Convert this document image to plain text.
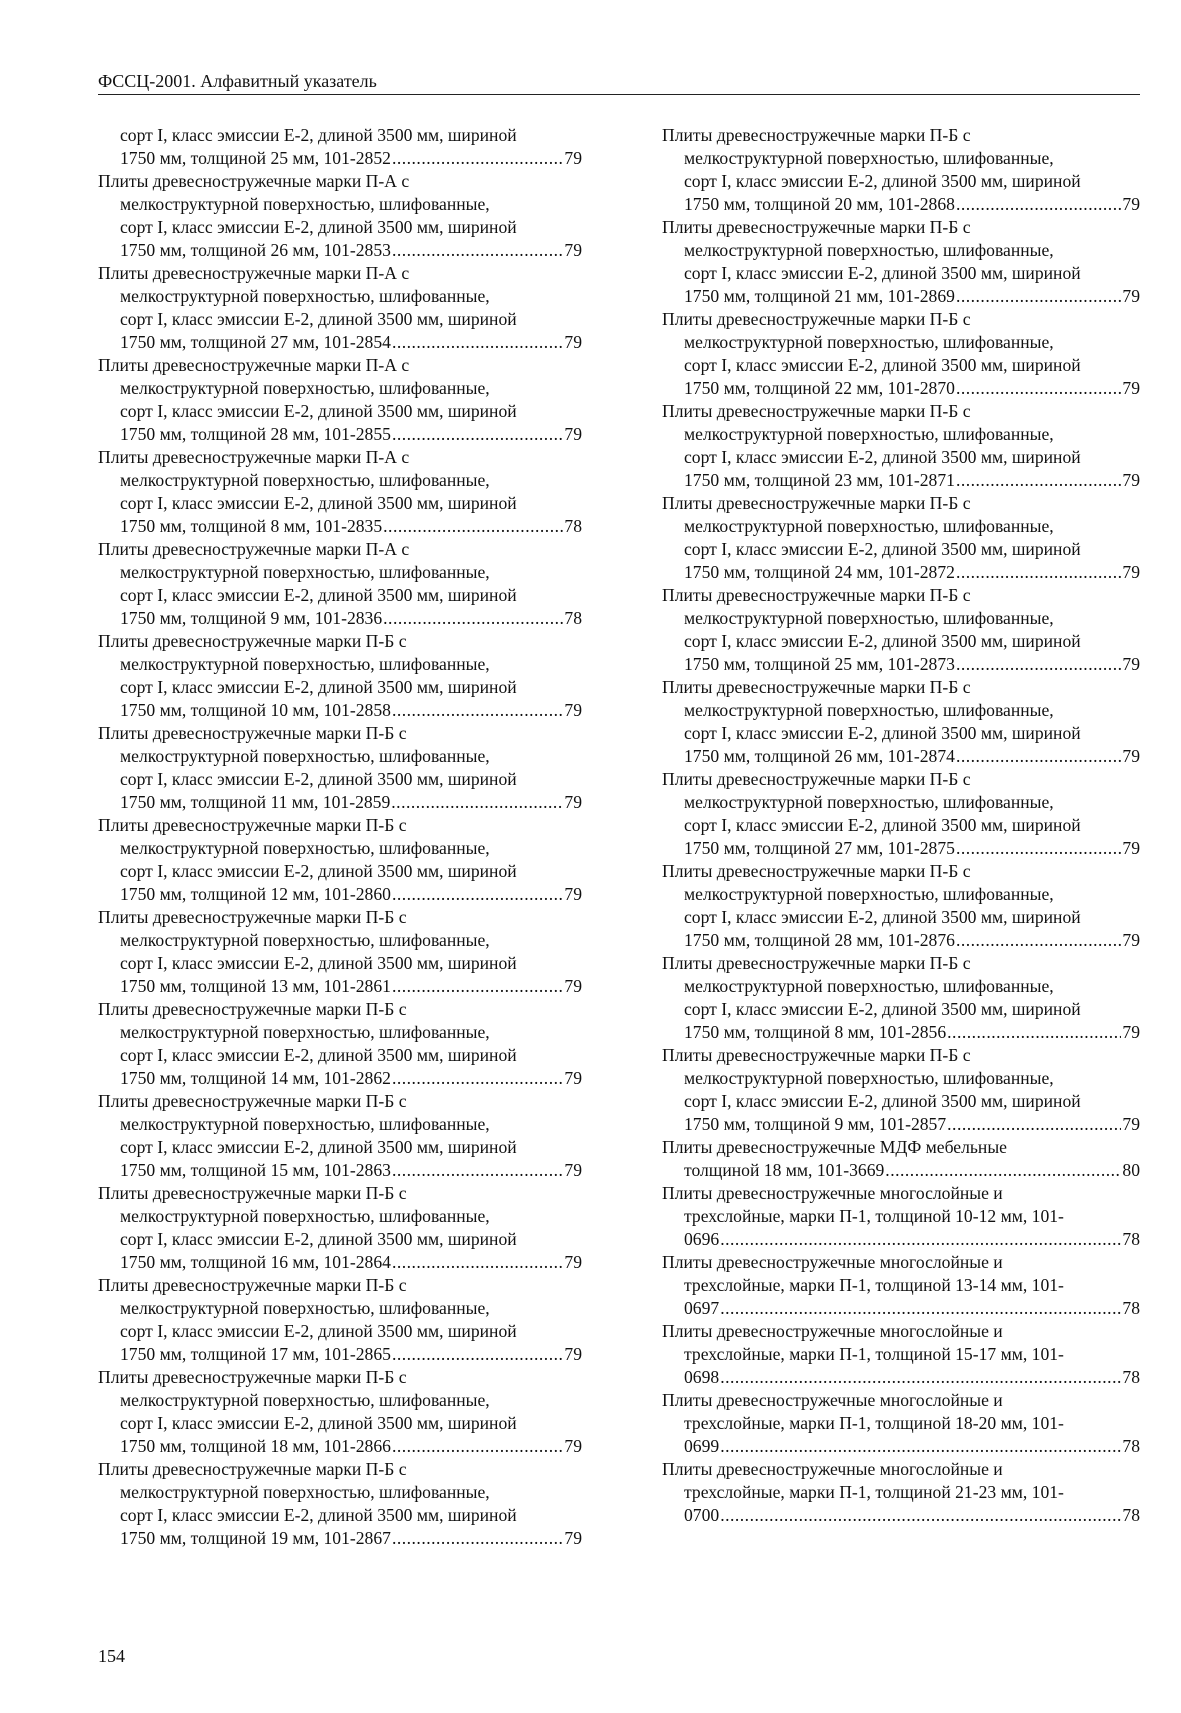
ФССЦ-2001. Алфавитный указатель
сорт I, класс эмиссии Е-2, длиной 3500 мм, шириной
1750 мм, толщиной 25 мм, 101-2852 .....	79
Плиты древесностружечные марки П-А с
мелкоструктурной поверхностью, шлифованные,
сорт I, класс эмиссии Е-2, длиной 3500 мм, шириной
1750 мм, толщиной 26 мм, 101-2853 .....	79
Плиты древесностружечные марки П-А с
мелкоструктурной поверхностью, шлифованные,
сорт I, класс эмиссии Е-2, длиной 3500 мм, шириной
1750 мм, толщиной 27 мм, 101-2854 .....	79
Плиты древесностружечные марки П-А с
мелкоструктурной поверхностью, шлифованные,
сорт I, класс эмиссии Е-2, длиной 3500 мм, шириной
1750 мм, толщиной 28 мм, 101-2855 .....	79
Плиты древесностружечные марки П-А с
мелкоструктурной поверхностью, шлифованные,
сорт I, класс эмиссии Е-2, длиной 3500 мм, шириной
1750 мм, толщиной 8 мм, 101-2835 .....	78
Плиты древесностружечные марки П-А с
мелкоструктурной поверхностью, шлифованные,
сорт I, класс эмиссии Е-2, длиной 3500 мм, шириной
1750 мм, толщиной 9 мм, 101-2836 .....	78
Плиты древесностружечные марки П-Б с
мелкоструктурной поверхностью, шлифованные,
сорт I, класс эмиссии Е-2, длиной 3500 мм, шириной
1750 мм, толщиной 10 мм, 101-2858 .....	79
Плиты древесностружечные марки П-Б с
мелкоструктурной поверхностью, шлифованные,
сорт I, класс эмиссии Е-2, длиной 3500 мм, шириной
1750 мм, толщиной 11 мм, 101-2859 .....	79
Плиты древесностружечные марки П-Б с
мелкоструктурной поверхностью, шлифованные,
сорт I, класс эмиссии Е-2, длиной 3500 мм, шириной
1750 мм, толщиной 12 мм, 101-2860 .....	79
Плиты древесностружечные марки П-Б с
мелкоструктурной поверхностью, шлифованные,
сорт I, класс эмиссии Е-2, длиной 3500 мм, шириной
1750 мм, толщиной 13 мм, 101-2861 .....	79
Плиты древесностружечные марки П-Б с
мелкоструктурной поверхностью, шлифованные,
сорт I, класс эмиссии Е-2, длиной 3500 мм, шириной
1750 мм, толщиной 14 мм, 101-2862 .....	79
Плиты древесностружечные марки П-Б с
мелкоструктурной поверхностью, шлифованные,
сорт I, класс эмиссии Е-2, длиной 3500 мм, шириной
1750 мм, толщиной 15 мм, 101-2863 .....	79
Плиты древесностружечные марки П-Б с
мелкоструктурной поверхностью, шлифованные,
сорт I, класс эмиссии Е-2, длиной 3500 мм, шириной
1750 мм, толщиной 16 мм, 101-2864 .....	79
Плиты древесностружечные марки П-Б с
мелкоструктурной поверхностью, шлифованные,
сорт I, класс эмиссии Е-2, длиной 3500 мм, шириной
1750 мм, толщиной 17 мм, 101-2865 .....	79
Плиты древесностружечные марки П-Б с
мелкоструктурной поверхностью, шлифованные,
сорт I, класс эмиссии Е-2, длиной 3500 мм, шириной
1750 мм, толщиной 18 мм, 101-2866 .....	79
Плиты древесностружечные марки П-Б с
мелкоструктурной поверхностью, шлифованные,
сорт I, класс эмиссии Е-2, длиной 3500 мм, шириной
1750 мм, толщиной 19 мм, 101-2867 .....	79
Плиты древесностружечные марки П-Б с
мелкоструктурной поверхностью, шлифованные,
сорт I, класс эмиссии Е-2, длиной 3500 мм, шириной
1750 мм, толщиной 20 мм, 101-2868 .....	79
Плиты древесностружечные марки П-Б с
мелкоструктурной поверхностью, шлифованные,
сорт I, класс эмиссии Е-2, длиной 3500 мм, шириной
1750 мм, толщиной 21 мм, 101-2869 .....	79
Плиты древесностружечные марки П-Б с
мелкоструктурной поверхностью, шлифованные,
сорт I, класс эмиссии Е-2, длиной 3500 мм, шириной
1750 мм, толщиной 22 мм, 101-2870 .....	79
Плиты древесностружечные марки П-Б с
мелкоструктурной поверхностью, шлифованные,
сорт I, класс эмиссии Е-2, длиной 3500 мм, шириной
1750 мм, толщиной 23 мм, 101-2871 .....	79
Плиты древесностружечные марки П-Б с
мелкоструктурной поверхностью, шлифованные,
сорт I, класс эмиссии Е-2, длиной 3500 мм, шириной
1750 мм, толщиной 24 мм, 101-2872 .....	79
Плиты древесностружечные марки П-Б с
мелкоструктурной поверхностью, шлифованные,
сорт I, класс эмиссии Е-2, длиной 3500 мм, шириной
1750 мм, толщиной 25 мм, 101-2873 .....	79
Плиты древесностружечные марки П-Б с
мелкоструктурной поверхностью, шлифованные,
сорт I, класс эмиссии Е-2, длиной 3500 мм, шириной
1750 мм, толщиной 26 мм, 101-2874 .....	79
Плиты древесностружечные марки П-Б с
мелкоструктурной поверхностью, шлифованные,
сорт I, класс эмиссии Е-2, длиной 3500 мм, шириной
1750 мм, толщиной 27 мм, 101-2875 .....	79
Плиты древесностружечные марки П-Б с
мелкоструктурной поверхностью, шлифованные,
сорт I, класс эмиссии Е-2, длиной 3500 мм, шириной
1750 мм, толщиной 28 мм, 101-2876 .....	79
Плиты древесностружечные марки П-Б с
мелкоструктурной поверхностью, шлифованные,
сорт I, класс эмиссии Е-2, длиной 3500 мм, шириной
1750 мм, толщиной 8 мм, 101-2856 .....	79
Плиты древесностружечные марки П-Б с
мелкоструктурной поверхностью, шлифованные,
сорт I, класс эмиссии Е-2, длиной 3500 мм, шириной
1750 мм, толщиной 9 мм, 101-2857 .....	79
Плиты древесностружечные МДФ мебельные
толщиной 18 мм, 101-3669 .....	80
Плиты древесностружечные многослойные и
трехслойные, марки П-1, толщиной 10-12 мм, 101-
0696 .....	78
Плиты древесностружечные многослойные и
трехслойные, марки П-1, толщиной 13-14 мм, 101-
0697 .....	78
Плиты древесностружечные многослойные и
трехслойные, марки П-1, толщиной 15-17 мм, 101-
0698 .....	78
Плиты древесностружечные многослойные и
трехслойные, марки П-1, толщиной 18-20 мм, 101-
0699 .....	78
Плиты древесностружечные многослойные и
трехслойные, марки П-1, толщиной 21-23 мм, 101-
0700 .....	78
154
